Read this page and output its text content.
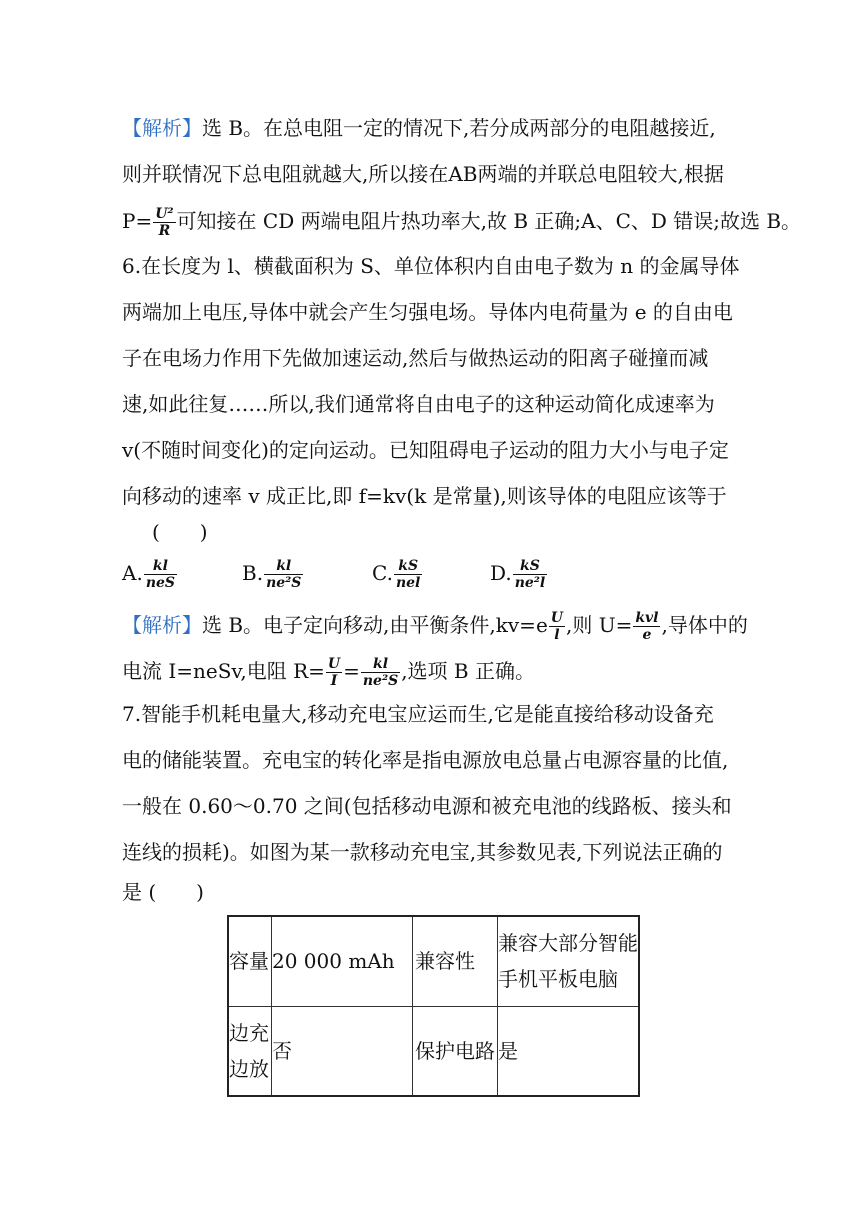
【解析】选 B。在总电阻一定的情况下,若分成两部分的电阻越接近,
则并联情况下总电阻就越大,所以接在AB两端的并联总电阻较大,根据
$P= \frac{\text{U²}}{R}$ 可知接在 CD 两端电阻片热功率大,故 B 正确;A、C、D 错误;故选 B。
6.在长度为 l、横截面积为 S、单位体积内自由电子数为 n 的金属导体
两端加上电压,导体中就会产生匀强电场。导体内电荷量为 e 的自由电
子在电场力作用下先做加速运动,然后与做热运动的阳离子碰撞而减
速,如此往复……所以,我们通常将自由电子的这种运动简化成速率为
v(不随时间变化)的定向运动。已知阻碍电子运动的阻力大小与电子定
向移动的速率 v 成正比,即 f=kv(k 是常量),则该导体的电阻应该等于
(　　)
A. $\frac{kl}{\text{neS}}$	B. $\frac{kl}{\text{ne²S}}$	C. $\frac{kS}{\text{nel}}$	D. $\frac{kS}{\text{ne²l}}$
【解析】选 B。电子定向移动,由平衡条件$,kv=e \frac{U}{l}$ ,则 $U= \frac{\text{kvl}}{e}$ ,导体中的
电流 I=neSv,电阻 $R= \frac{U}{I} = \frac{kl}{\text{ne²S}}$ ,选项 B 正确。
7.智能手机耗电量大,移动充电宝应运而生,它是能直接给移动设备充
电的储能装置。充电宝的转化率是指电源放电总量占电源容量的比值,
一般在 0.60～0.70 之间(包括移动电源和被充电池的线路板、接头和
连线的损耗)。如图为某一款移动充电宝,其参数见表,下列说法正确的
是 (　　)
容量	20 000 mAh	兼容性	兼容大部分智能
手机平板电脑

边充
边放	否	保护电路	是
